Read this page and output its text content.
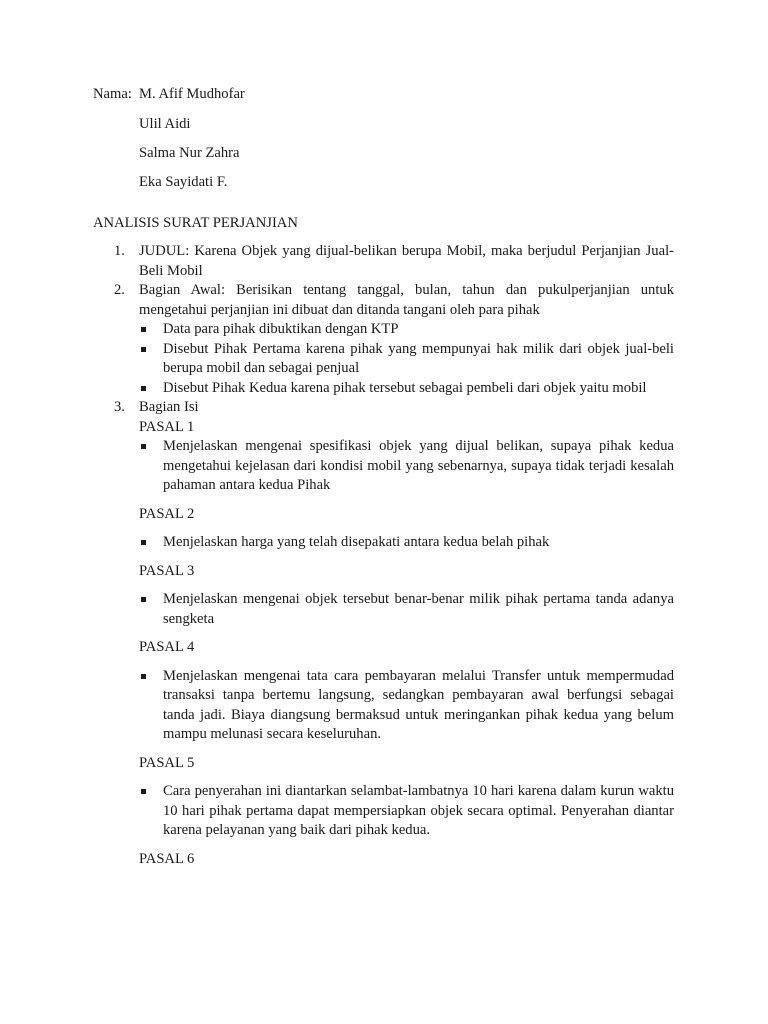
Nama: M. Afif Mudhofar

Ulil Aidi

Salma Nur Zahra

Eka Sayidati F.

ANALISIS SURAT PERJANJIAN

1. JUDUL: Karena Objek yang dijual-belikan berupa Mobil, maka berjudul Perjanjian Jual-Beli Mobil

2. Bagian Awal: Berisikan tentang tanggal, bulan, tahun dan pukulperjanjian untuk mengetahui perjanjian ini dibuat dan ditanda tangani oleh para pihak

Data para pihak dibuktikan dengan KTP
Disebut Pihak Pertama karena pihak yang mempunyai hak milik dari objek jual-beli berupa mobil dan sebagai penjual
Disebut Pihak Kedua karena pihak tersebut sebagai pembeli dari objek yaitu mobil

3. Bagian Isi

PASAL 1

Menjelaskan mengenai spesifikasi objek yang dijual belikan, supaya pihak kedua mengetahui kejelasan dari kondisi mobil yang sebenarnya, supaya tidak terjadi kesalah pahaman antara kedua Pihak

PASAL 2

Menjelaskan harga yang telah disepakati antara kedua belah pihak

PASAL 3

Menjelaskan mengenai objek tersebut benar-benar milik pihak pertama tanda adanya sengketa

PASAL 4

Menjelaskan mengenai tata cara pembayaran melalui Transfer untuk mempermudad transaksi tanpa bertemu langsung, sedangkan pembayaran awal berfungsi sebagai tanda jadi. Biaya diangsung bermaksud untuk meringankan pihak kedua yang belum mampu melunasi secara keseluruhan.

PASAL 5

Cara penyerahan ini diantarkan selambat-lambatnya 10 hari karena dalam kurun waktu 10 hari pihak pertama dapat mempersiapkan objek secara optimal. Penyerahan diantar karena pelayanan yang baik dari pihak kedua.

PASAL 6
